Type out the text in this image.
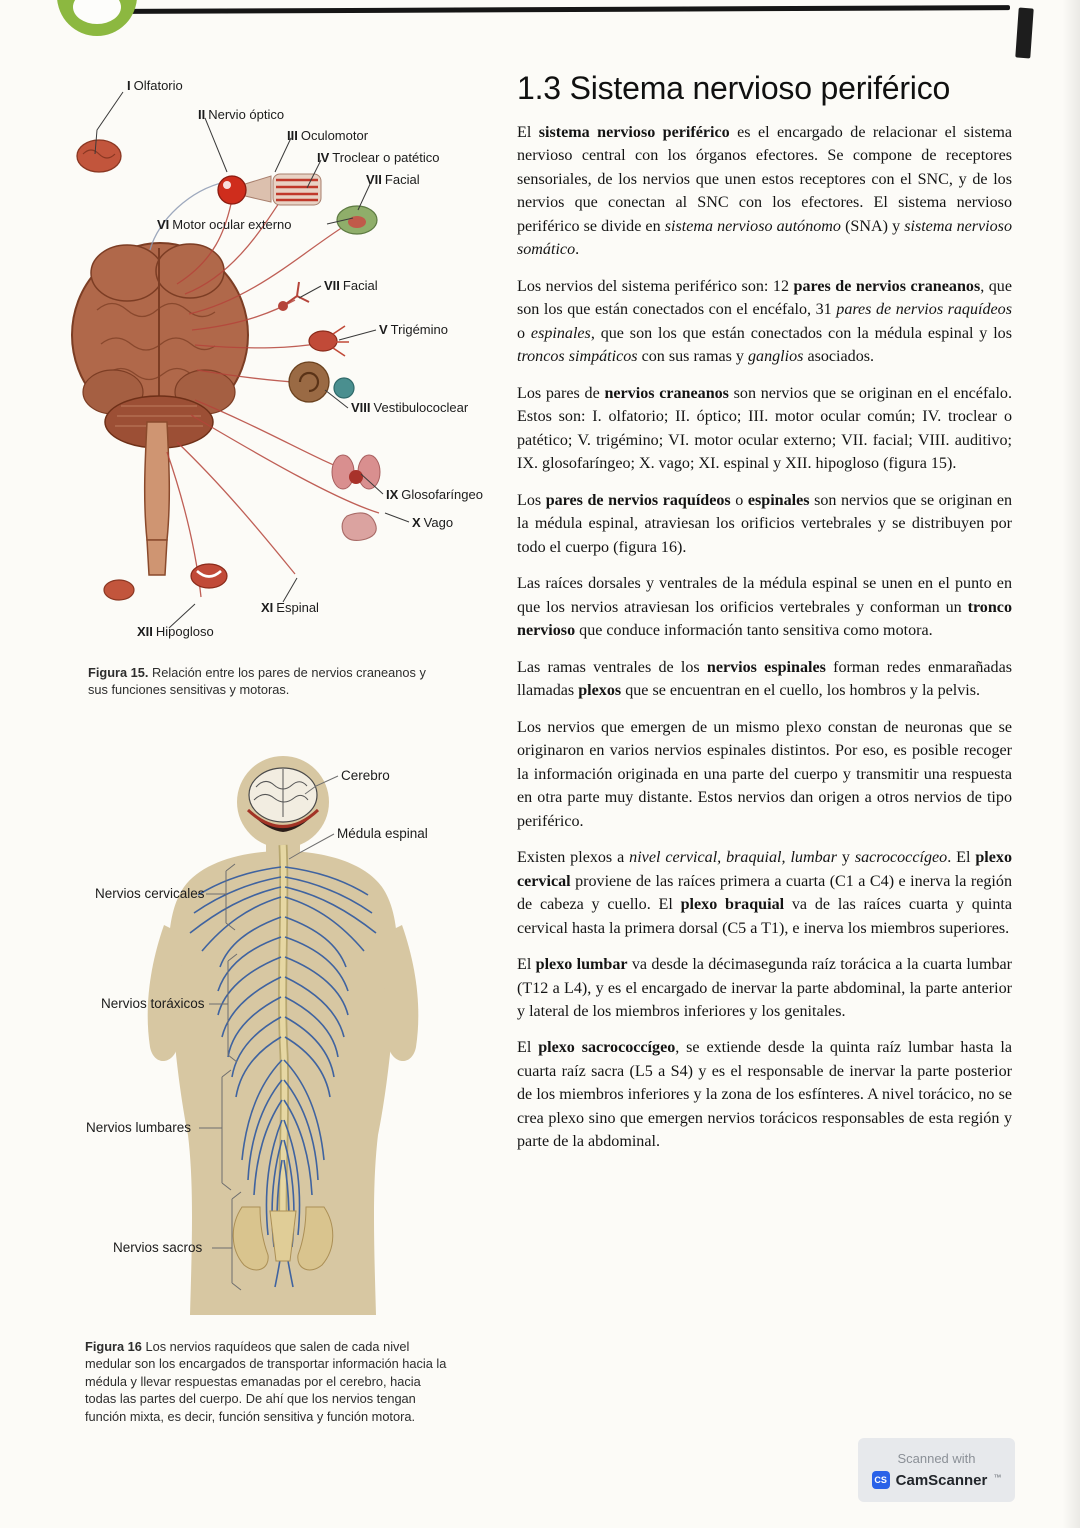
I Olfatorio
II Nervio óptico
III Oculomotor
IV Troclear o patético
VII Facial
VI Motor ocular externo
VII Facial
V Trigémino
VIII Vestibulococlear
IX Glosofaríngeo
X Vago
XI Espinal
XII Hipogloso
Figura 15. Relación entre los pares de nervios craneanos y sus funciones sensitivas y motoras.
Cerebro
Médula espinal
Nervios cervicales
Nervios toráxicos
Nervios lumbares
Nervios sacros
Figura 16 Los nervios raquídeos que salen de cada nivel medular son los encargados de transportar información hacia la médula y llevar respuestas emanadas por el cerebro, hacia todas las partes del cuerpo. De ahí que los nervios tengan función mixta, es decir, función sensitiva y función motora.
1.3 Sistema nervioso periférico

El sistema nervioso periférico es el encargado de relacionar el sistema nervioso central con los órganos efectores. Se compone de receptores sensoriales, de los nervios que unen estos receptores con el SNC, y de los nervios que conectan al SNC con los efectores. El sistema nervioso periférico se divide en sistema nervioso autónomo (SNA) y sistema nervioso somático.

Los nervios del sistema periférico son: 12 pares de nervios craneanos, que son los que están conectados con el encéfalo, 31 pares de nervios raquídeos o espinales, que son los que están conectados con la médula espinal y los troncos simpáticos con sus ramas y ganglios asociados.

Los pares de nervios craneanos son nervios que se originan en el encéfalo. Estos son: I. olfatorio; II. óptico; III. motor ocular común; IV. troclear o patético; V. trigémino; VI. motor ocular externo; VII. facial; VIII. auditivo; IX. glosofaríngeo; X. vago; XI. espinal y XII. hipogloso (figura 15).

Los pares de nervios raquídeos o espinales son nervios que se originan en la médula espinal, atraviesan los orificios vertebrales y se distribuyen por todo el cuerpo (figura 16).

Las raíces dorsales y ventrales de la médula espinal se unen en el punto en que los nervios atraviesan los orificios vertebrales y conforman un tronco nervioso que conduce información tanto sensitiva como motora.

Las ramas ventrales de los nervios espinales forman redes enmarañadas llamadas plexos que se encuentran en el cuello, los hombros y la pelvis.

Los nervios que emergen de un mismo plexo constan de neuronas que se originaron en varios nervios espinales distintos. Por eso, es posible recoger la información originada en una parte del cuerpo y transmitir una respuesta en otra parte muy distante. Estos nervios dan origen a otros nervios de tipo periférico.

Existen plexos a nivel cervical, braquial, lumbar y sacrococcígeo. El plexo cervical proviene de las raíces primera a cuarta (C1 a C4) e inerva la región de cabeza y cuello. El plexo braquial va de las raíces cuarta y quinta cervical hasta la primera dorsal (C5 a T1), e inerva los miembros superiores.

El plexo lumbar va desde la décimasegunda raíz torácica a la cuarta lumbar (T12 a L4), y es el encargado de inervar la parte abdominal, la parte anterior y lateral de los miembros inferiores y los genitales.

El plexo sacrococcígeo, se extiende desde la quinta raíz lumbar hasta la cuarta raíz sacra (L5 a S4) y es el responsable de inervar la parte posterior de los miembros inferiores y la zona de los esfínteres. A nivel torácico, no se crea plexo sino que emergen nervios torácicos responsables de esta región y parte de la abdominal.

Scanned with
CS CamScanner ™
